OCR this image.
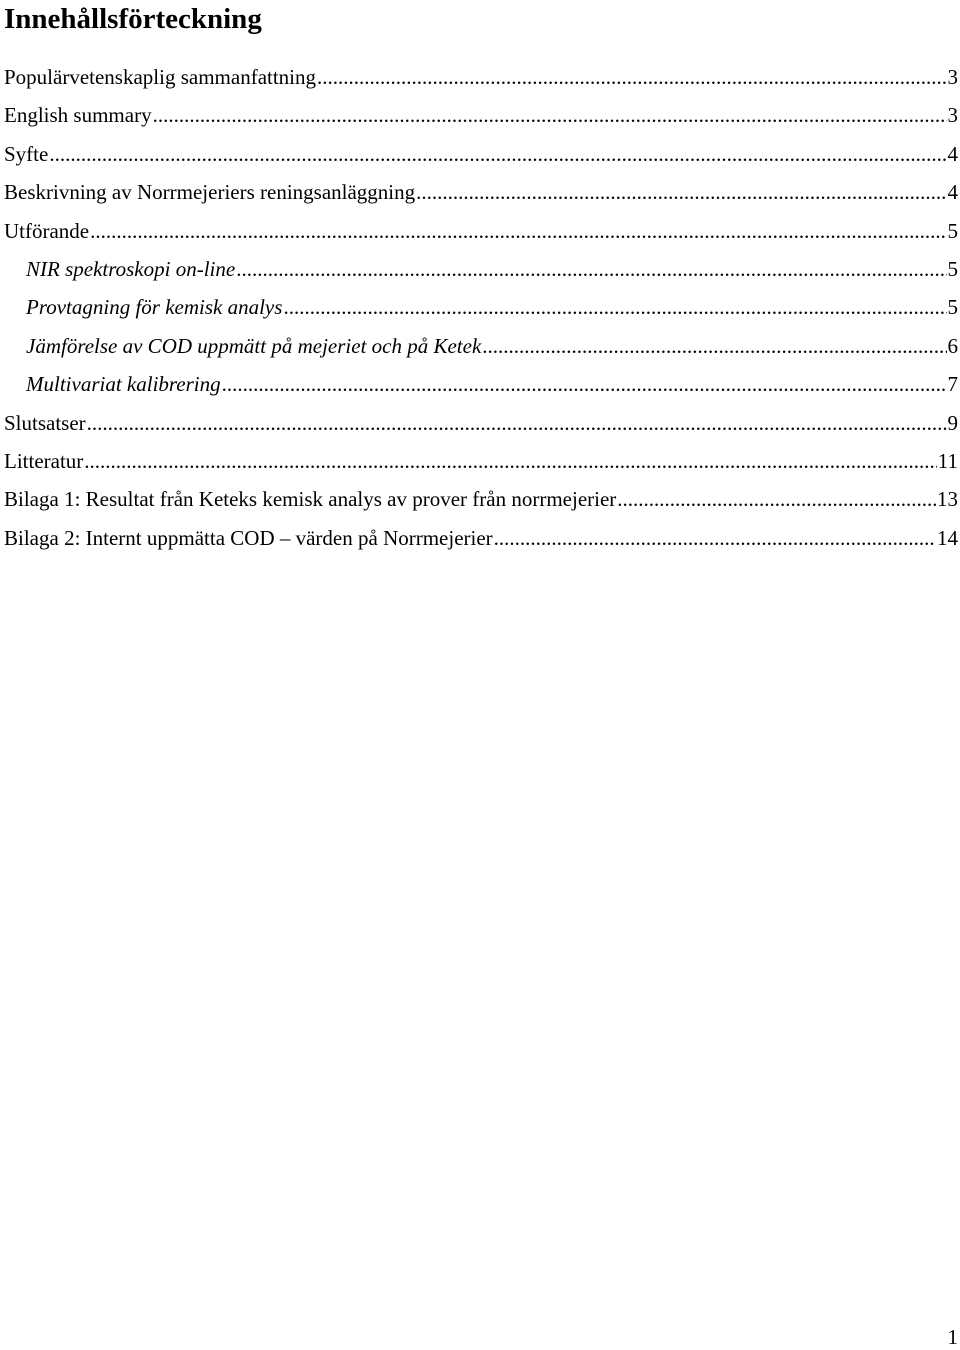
Innehållsförteckning
Populärvetenskaplig sammanfattning .....	3
English summary .....	3
Syfte .....	4
Beskrivning av Norrmejeriers reningsanläggning .....	4
Utförande .....	5
NIR spektroskopi on-line .....	5
Provtagning för kemisk analys .....	5
Jämförelse av COD uppmätt på mejeriet och på Ketek .....	6
Multivariat kalibrering .....	7
Slutsatser .....	9
Litteratur .....	11
Bilaga 1: Resultat från Keteks kemisk analys av prover från norrmejerier .....	13
Bilaga 2: Internt uppmätta COD – värden på Norrmejerier .....	14
1
